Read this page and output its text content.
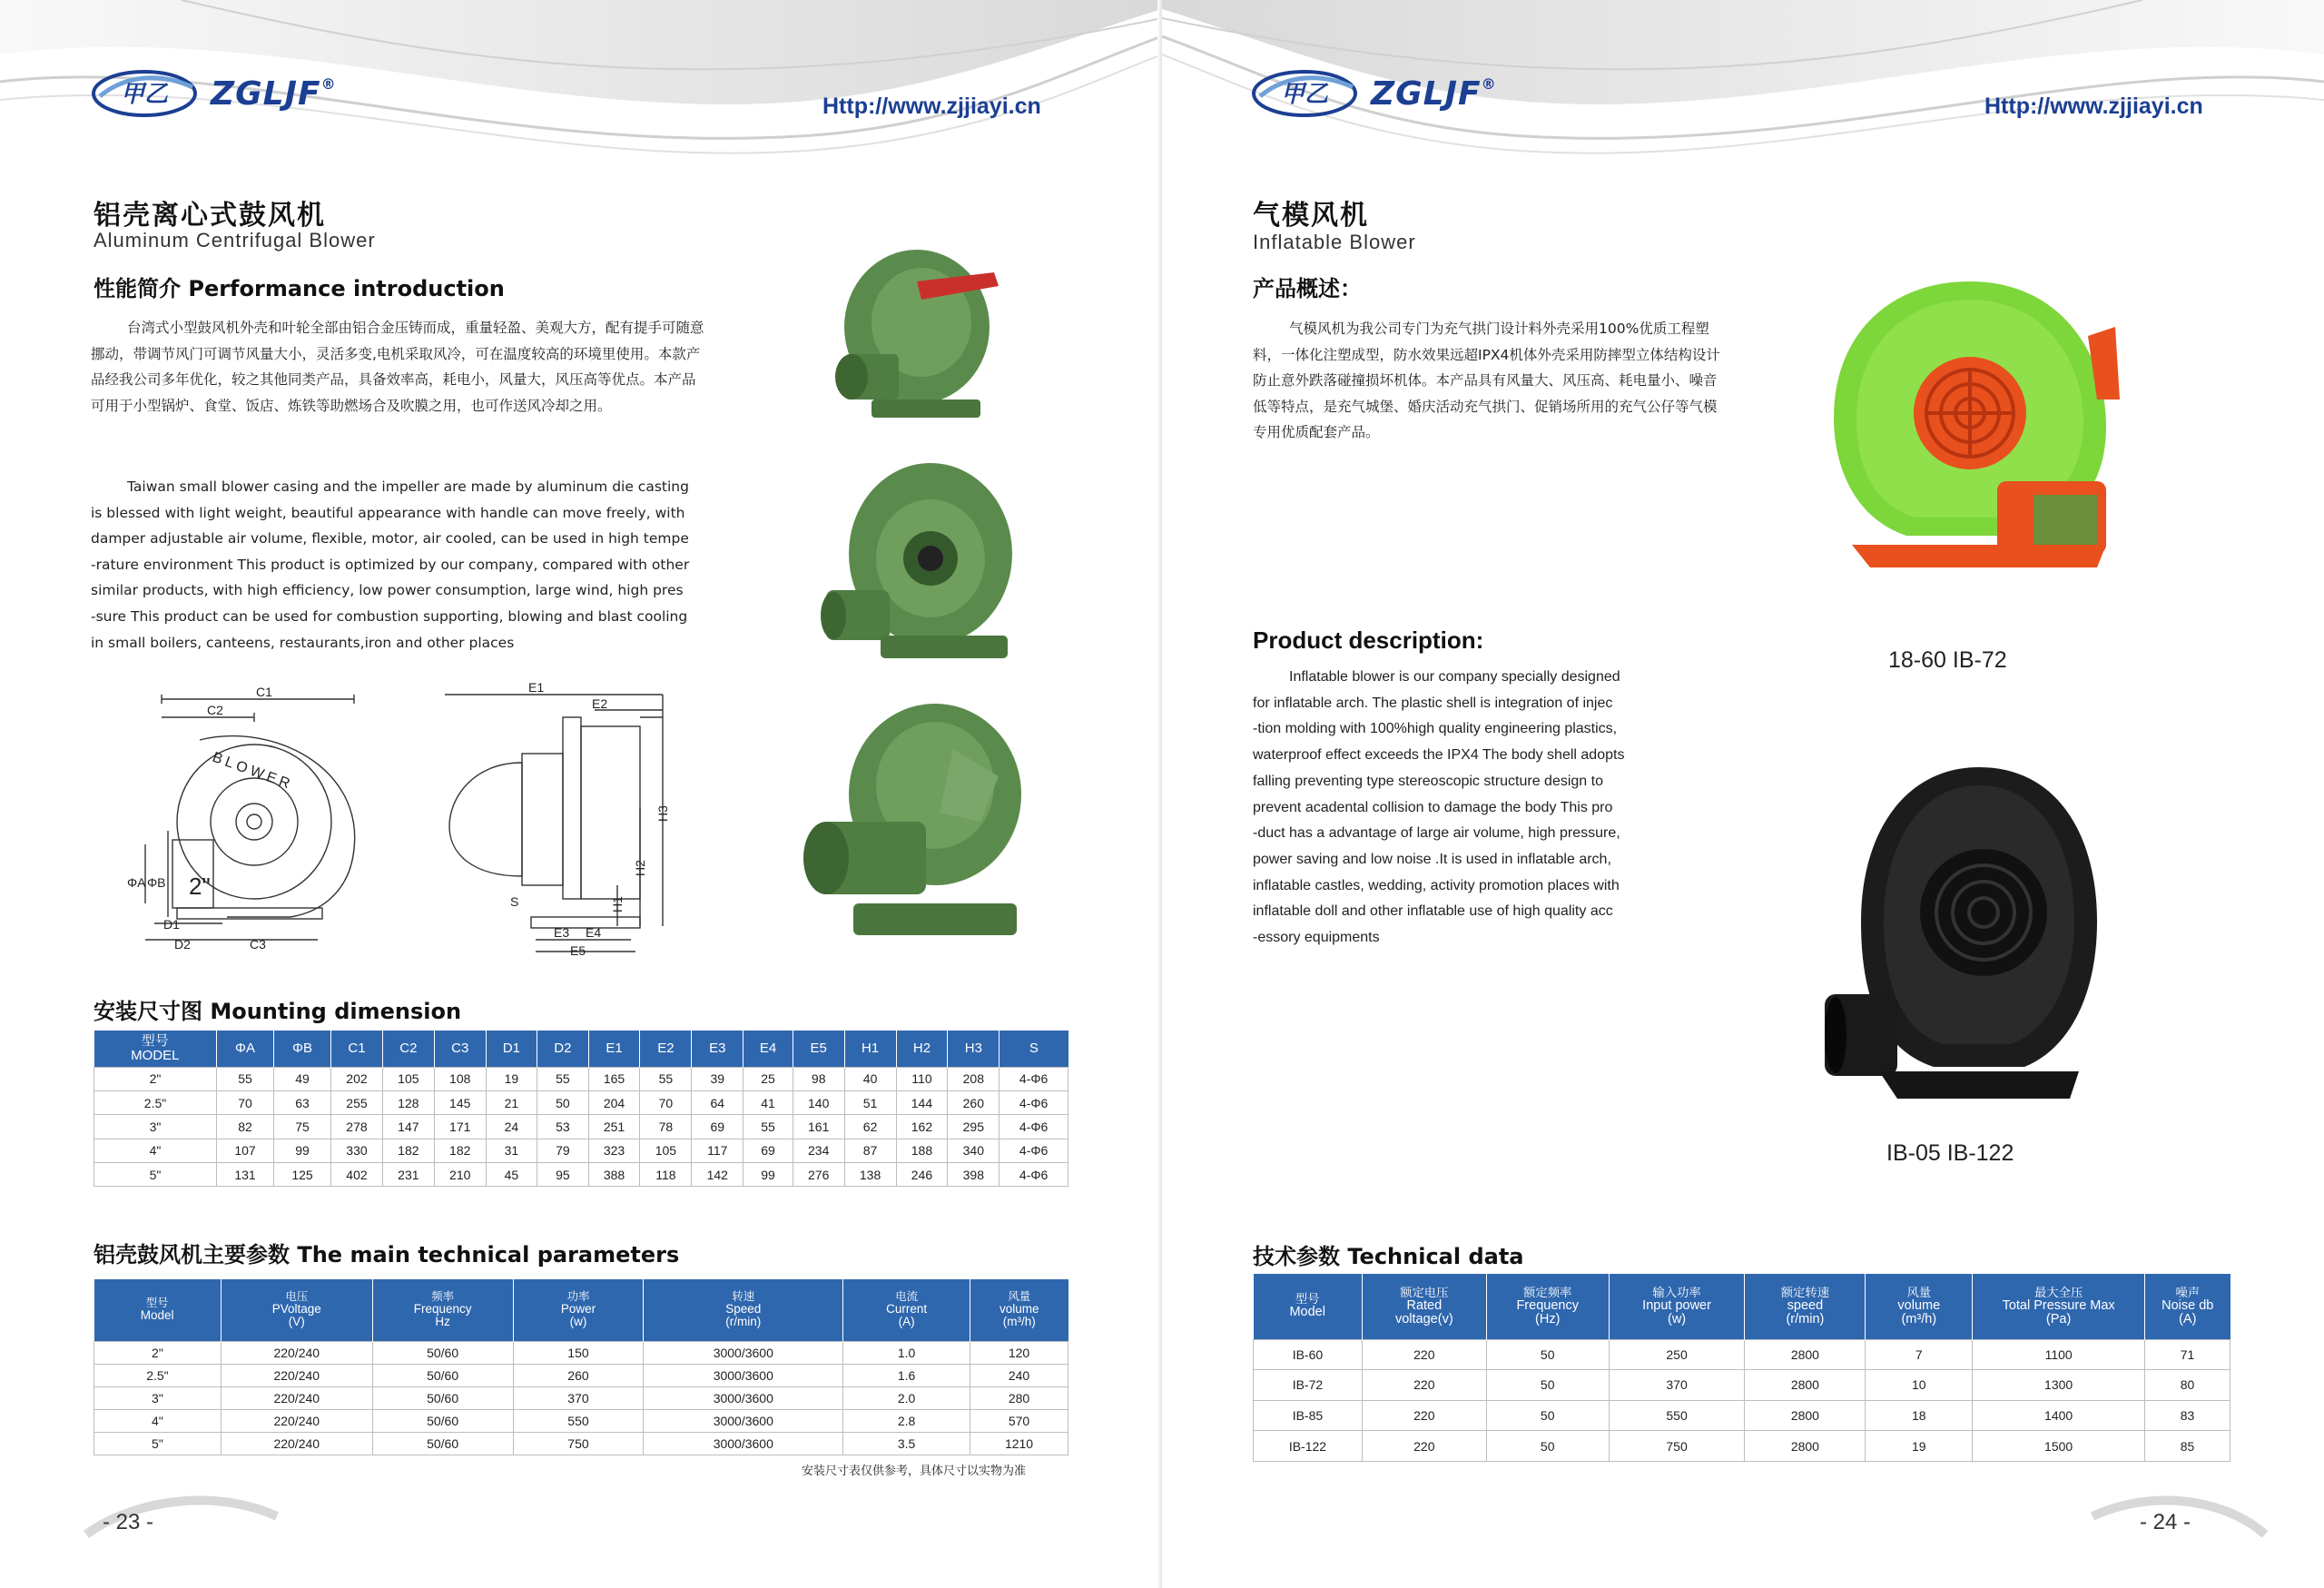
甲乙 ZGLJF®
Http://www.zjjiayi.cn
铝壳离心式鼓风机
Aluminum Centrifugal Blower
性能简介 Performance introduction
台湾式小型鼓风机外壳和叶轮全部由铝合金压铸而成，重量轻盈、美观大方，配有提手可随意挪动，带调节风门可调节风量大小，灵活多变,电机采取风冷，可在温度较高的环境里使用。本款产品经我公司多年优化，较之其他同类产品，具备效率高，耗电小，风量大，风压高等优点。本产品可用于小型锅炉、食堂、饭店、炼铁等助燃场合及吹膜之用，也可作送风冷却之用。
Taiwan small blower casing and the impeller are made by aluminum die casting
is blessed with light weight, beautiful appearance with handle can move freely, with
damper adjustable air volume, flexible, motor, air cooled, can be used in high tempe
-rature environment This product is optimized by our company, compared with other
similar products, with high efficiency, low power consumption, large wind, high pres
-sure This product can be used for combustion supporting, blowing and blast cooling
in small boilers, canteens, restaurants,iron and other places
C1
C2
C3
D1
D2
ΦA ΦB 2"
BLOWER
E1
E2
E3 E4
E5
H1
H2
H3
S
安装尺寸图 Mounting dimension
型号
MODEL	ΦA	ΦB	C1	C2	C3	D1	D2	E1	E2	E3	E4	E5	H1	H2	H3	S
2"	55	49	202	105	108	19	55	165	55	39	25	98	40	110	208	4-Φ6
2.5"	70	63	255	128	145	21	50	204	70	64	41	140	51	144	260	4-Φ6
3"	82	75	278	147	171	24	53	251	78	69	55	161	62	162	295	4-Φ6
4"	107	99	330	182	182	31	79	323	105	117	69	234	87	188	340	4-Φ6
5"	131	125	402	231	210	45	95	388	118	142	99	276	138	246	398	4-Φ6
铝壳鼓风机主要参数 The main technical parameters
型号
Model	电压
PVoltage
(V)	频率
Frequency
Hz	功率
Power
(w)	转速
Speed
(r/min)	电流
Current
(A)	风量
volume
(m³/h)
2"	220/240	50/60	150	3000/3600	1.0	120
2.5"	220/240	50/60	260	3000/3600	1.6	240
3"	220/240	50/60	370	3000/3600	2.0	280
4"	220/240	50/60	550	3000/3600	2.8	570
5"	220/240	50/60	750	3000/3600	3.5	1210
安装尺寸表仅供参考，具体尺寸以实物为准
- 23 -
甲乙 ZGLJF®
Http://www.zjjiayi.cn
气模风机
Inflatable Blower
产品概述：
气模风机为我公司专门为充气拱门设计料外壳采用100%优质工程塑料，一体化注塑成型，防水效果远超IPX4机体外壳采用防摔型立体结构设计防止意外跌落碰撞损坏机体。本产品具有风量大、风压高、耗电量小、噪音低等特点，是充气城堡、婚庆活动充气拱门、促销场所用的充气公仔等气模专用优质配套产品。
Product description:
Inflatable blower is our company specially designed
for inflatable arch. The plastic shell is integration of injec
-tion molding with 100%high quality engineering plastics,
waterproof effect exceeds the IPX4 The body shell adopts
falling preventing type stereoscopic structure design to
prevent acadental collision to damage the body This pro
-duct has a advantage of large air volume, high pressure,
power saving and low noise .It is used in inflatable arch,
inflatable castles, wedding, activity promotion places with
inflatable doll and other inflatable use of high quality acc
-essory equipments
18-60 IB-72
IB-05 IB-122
技术参数 Technical data
型号
Model	额定电压
Rated
voltage(v)	额定频率
Frequency
(Hz)	输入功率
Input power
(w)	额定转速
speed
(r/min)	风量
volume
(m³/h)	最大全压
Total Pressure Max
(Pa)	噪声
Noise db
(A)
IB-60	220	50	250	2800	7	1100	71
IB-72	220	50	370	2800	10	1300	80
IB-85	220	50	550	2800	18	1400	83
IB-122	220	50	750	2800	19	1500	85
- 24 -
